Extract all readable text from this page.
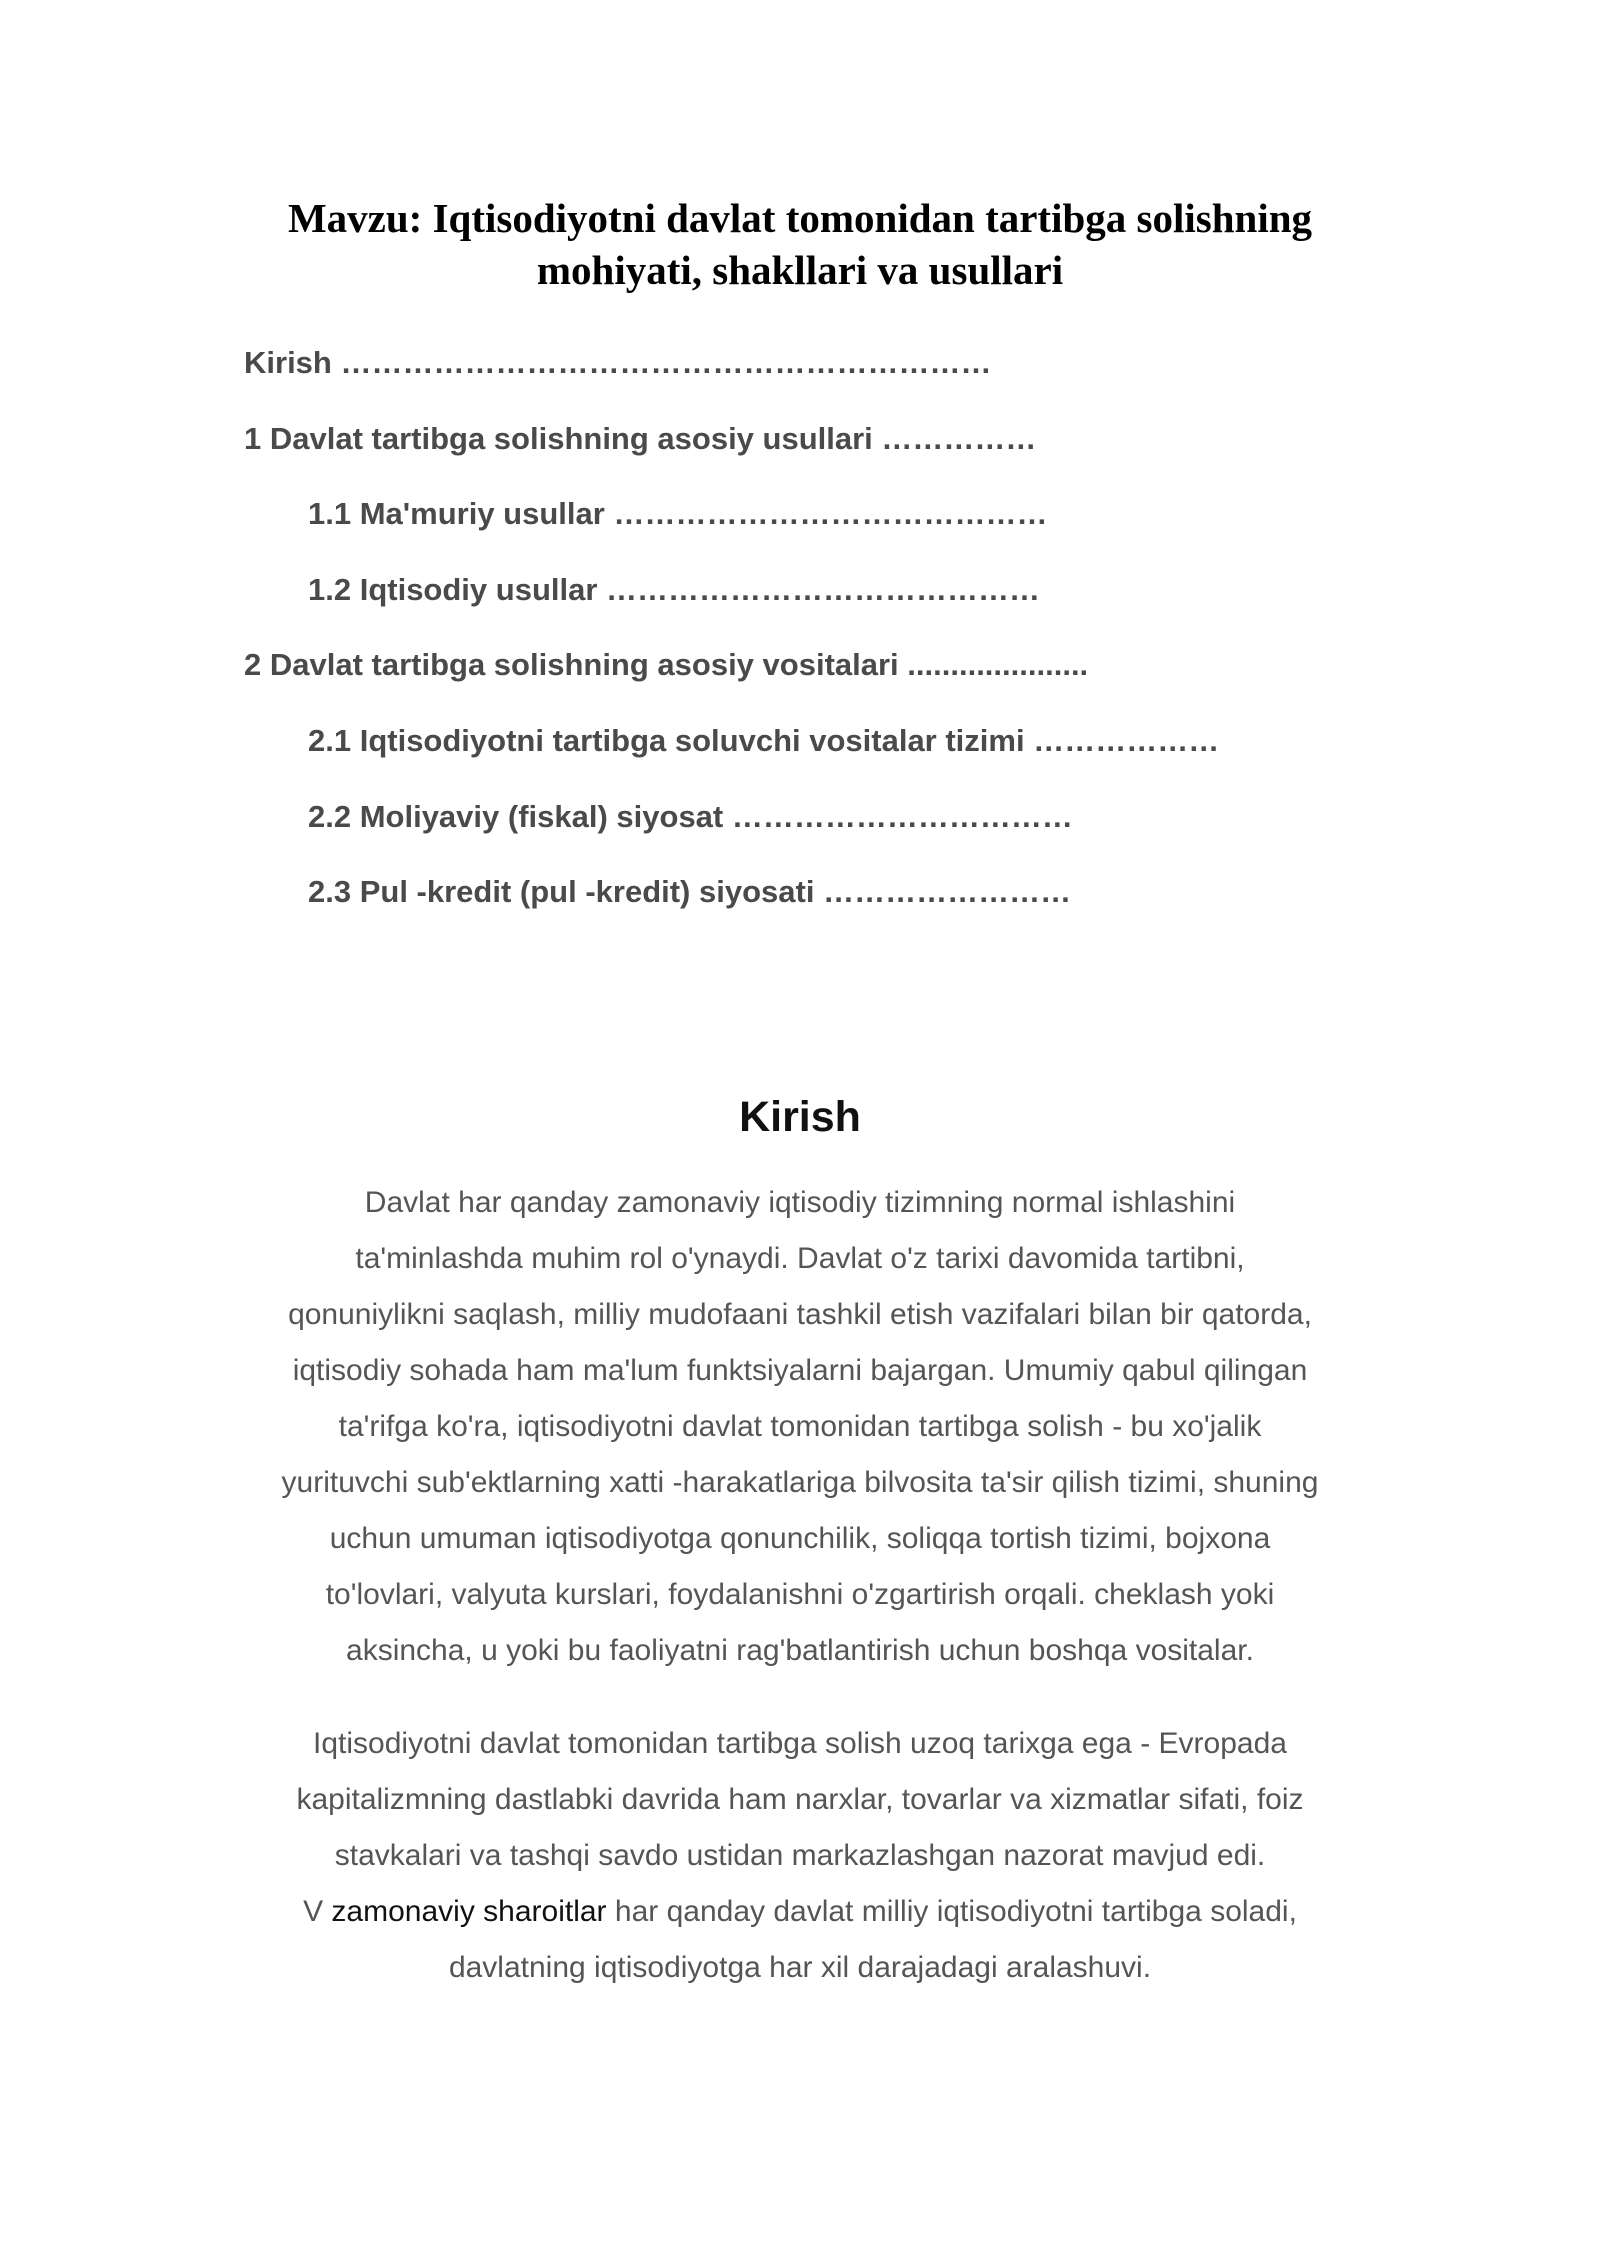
Mavzu: Iqtisodiyotni davlat tomonidan tartibga solishning
mohiyati, shakllari va usullari
Kirish ………………………………………………………
1 Davlat tartibga solishning asosiy usullari ……………
1.1 Ma'muriy usullar ……………………………………
1.2 Iqtisodiy usullar ……………………………………
2 Davlat tartibga solishning asosiy vositalari .....................
2.1 Iqtisodiyotni tartibga soluvchi vositalar tizimi ………………
2.2 Moliyaviy (fiskal) siyosat ……………………………
2.3 Pul -kredit (pul -kredit) siyosati ……………………
Kirish

Davlat har qanday zamonaviy iqtisodiy tizimning normal ishlashini
ta'minlashda muhim rol o'ynaydi. Davlat o'z tarixi davomida tartibni,
qonuniylikni saqlash, milliy mudofaani tashkil etish vazifalari bilan bir qatorda,
iqtisodiy sohada ham ma'lum funktsiyalarni bajargan. Umumiy qabul qilingan
ta'rifga ko'ra, iqtisodiyotni davlat tomonidan tartibga solish - bu xo'jalik
yurituvchi sub'ektlarning xatti -harakatlariga bilvosita ta'sir qilish tizimi, shuning
uchun umuman iqtisodiyotga qonunchilik, soliqqa tortish tizimi, bojxona
to'lovlari, valyuta kurslari, foydalanishni o'zgartirish orqali. cheklash yoki
aksincha, u yoki bu faoliyatni rag'batlantirish uchun boshqa vositalar.

Iqtisodiyotni davlat tomonidan tartibga solish uzoq tarixga ega - Evropada
kapitalizmning dastlabki davrida ham narxlar, tovarlar va xizmatlar sifati, foiz
stavkalari va tashqi savdo ustidan markazlashgan nazorat mavjud edi.
V zamonaviy sharoitlar har qanday davlat milliy iqtisodiyotni tartibga soladi,
davlatning iqtisodiyotga har xil darajadagi aralashuvi.
